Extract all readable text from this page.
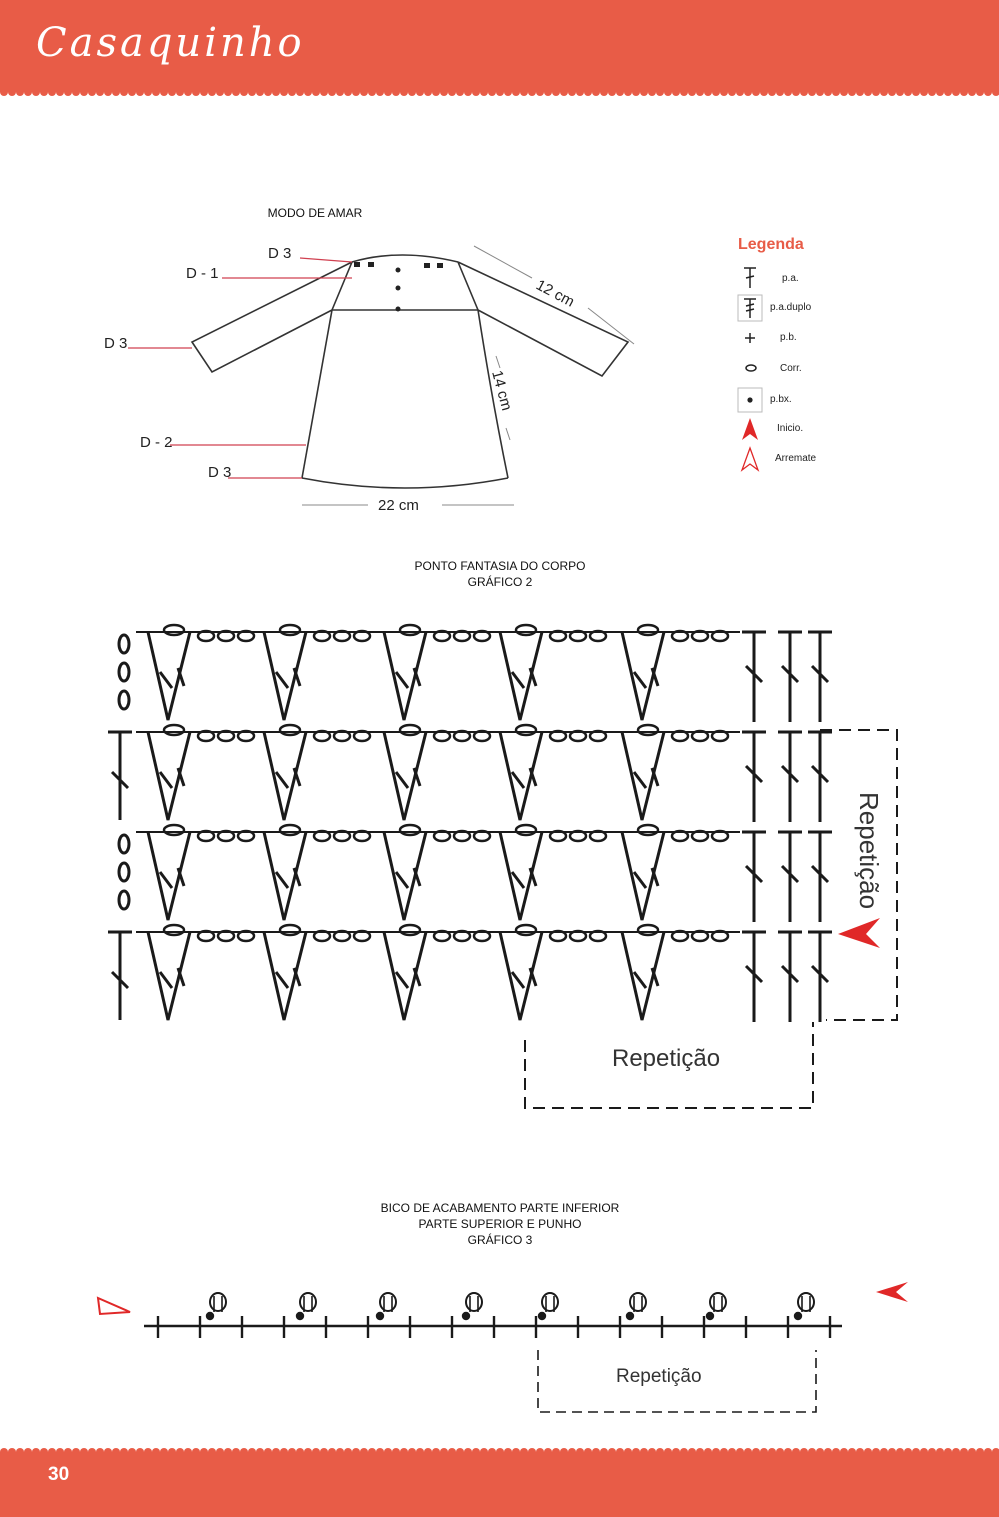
Casaquinho
MODO DE AMAR
D 3
D - 1
D 3
D - 2
D 3
12 cm
14 cm
22 cm
Legenda
p.a.
p.a.duplo
p.b.
Corr.
p.bx.
Inicio.
Arremate
PONTO FANTASIA DO CORPO
GRÁFICO 2
Repetição
Repetição
BICO DE ACABAMENTO PARTE INFERIOR
PARTE SUPERIOR E PUNHO
GRÁFICO 3
Repetição
30
